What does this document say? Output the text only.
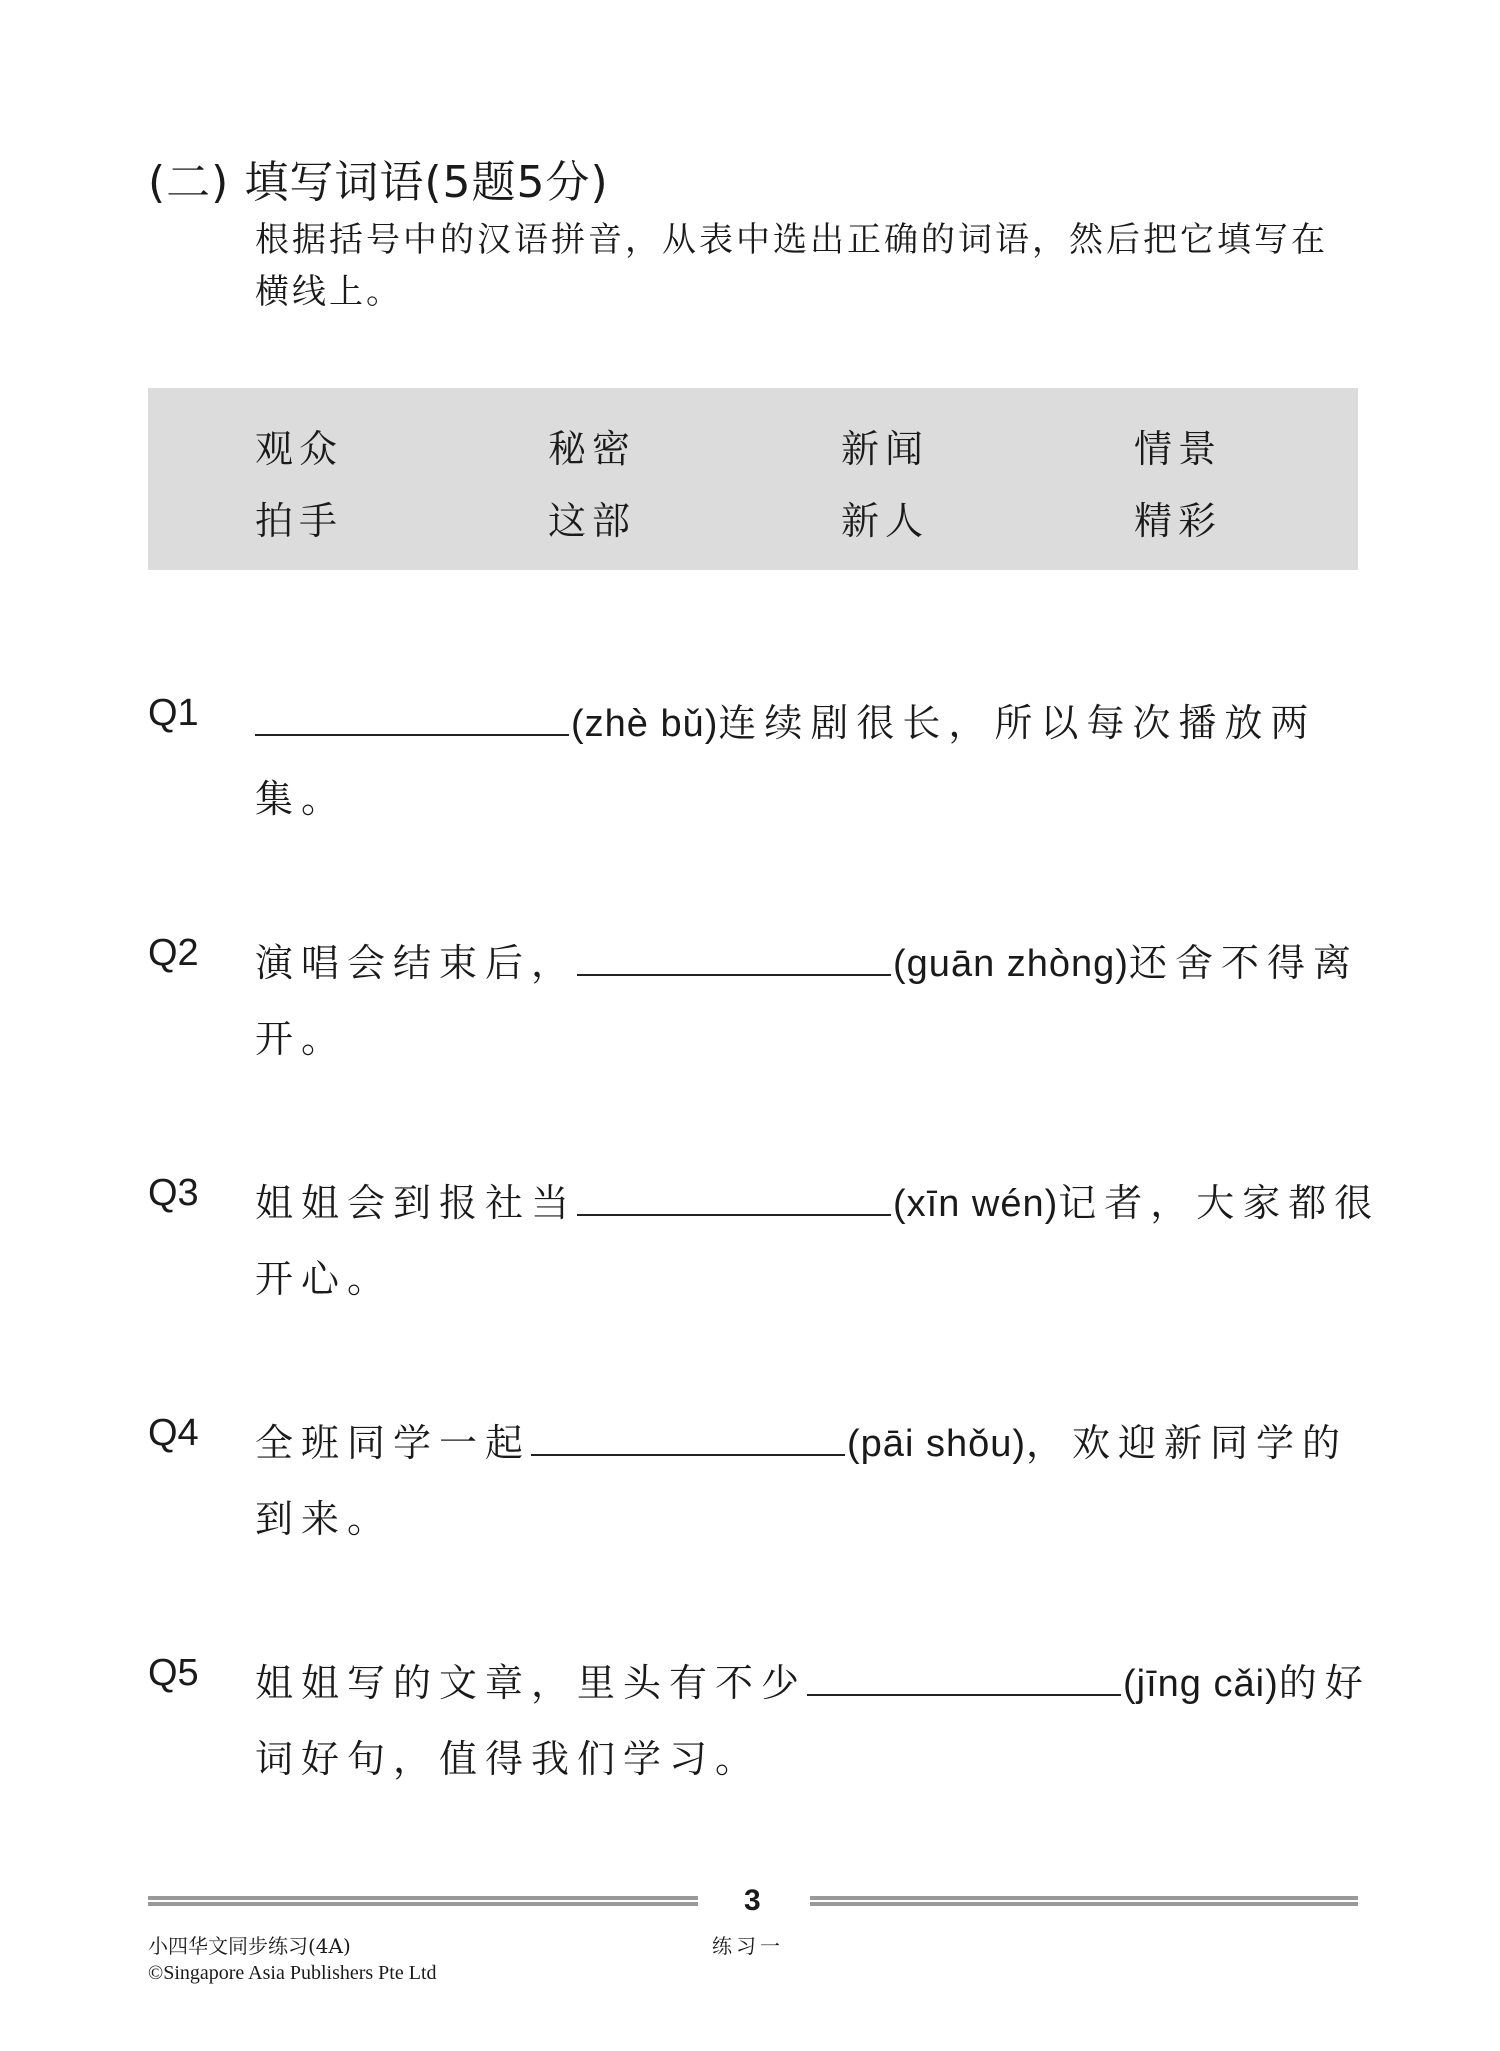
(二) 填写词语(5题5分)
根据括号中的汉语拼音，从表中选出正确的词语，然后把它填写在横线上。
观众	秘密	新闻	情景
拍手	这部	新人	精彩
Q1	(zhè bǔ)连续剧很长，所以每次播放两
集。
Q2 演唱会结束后，	(guān zhòng)还舍不得离
开。
Q3 姐姐会到报社当	(xīn wén)记者，大家都很
开心。
Q4 全班同学一起	(pāi shǒu)，欢迎新同学的
到来。
Q5 姐姐写的文章，里头有不少	(jīng cǎi)的好
词好句，值得我们学习。
3
小四华文同步练习(4A)
©Singapore Asia Publishers Pte Ltd
练习一
